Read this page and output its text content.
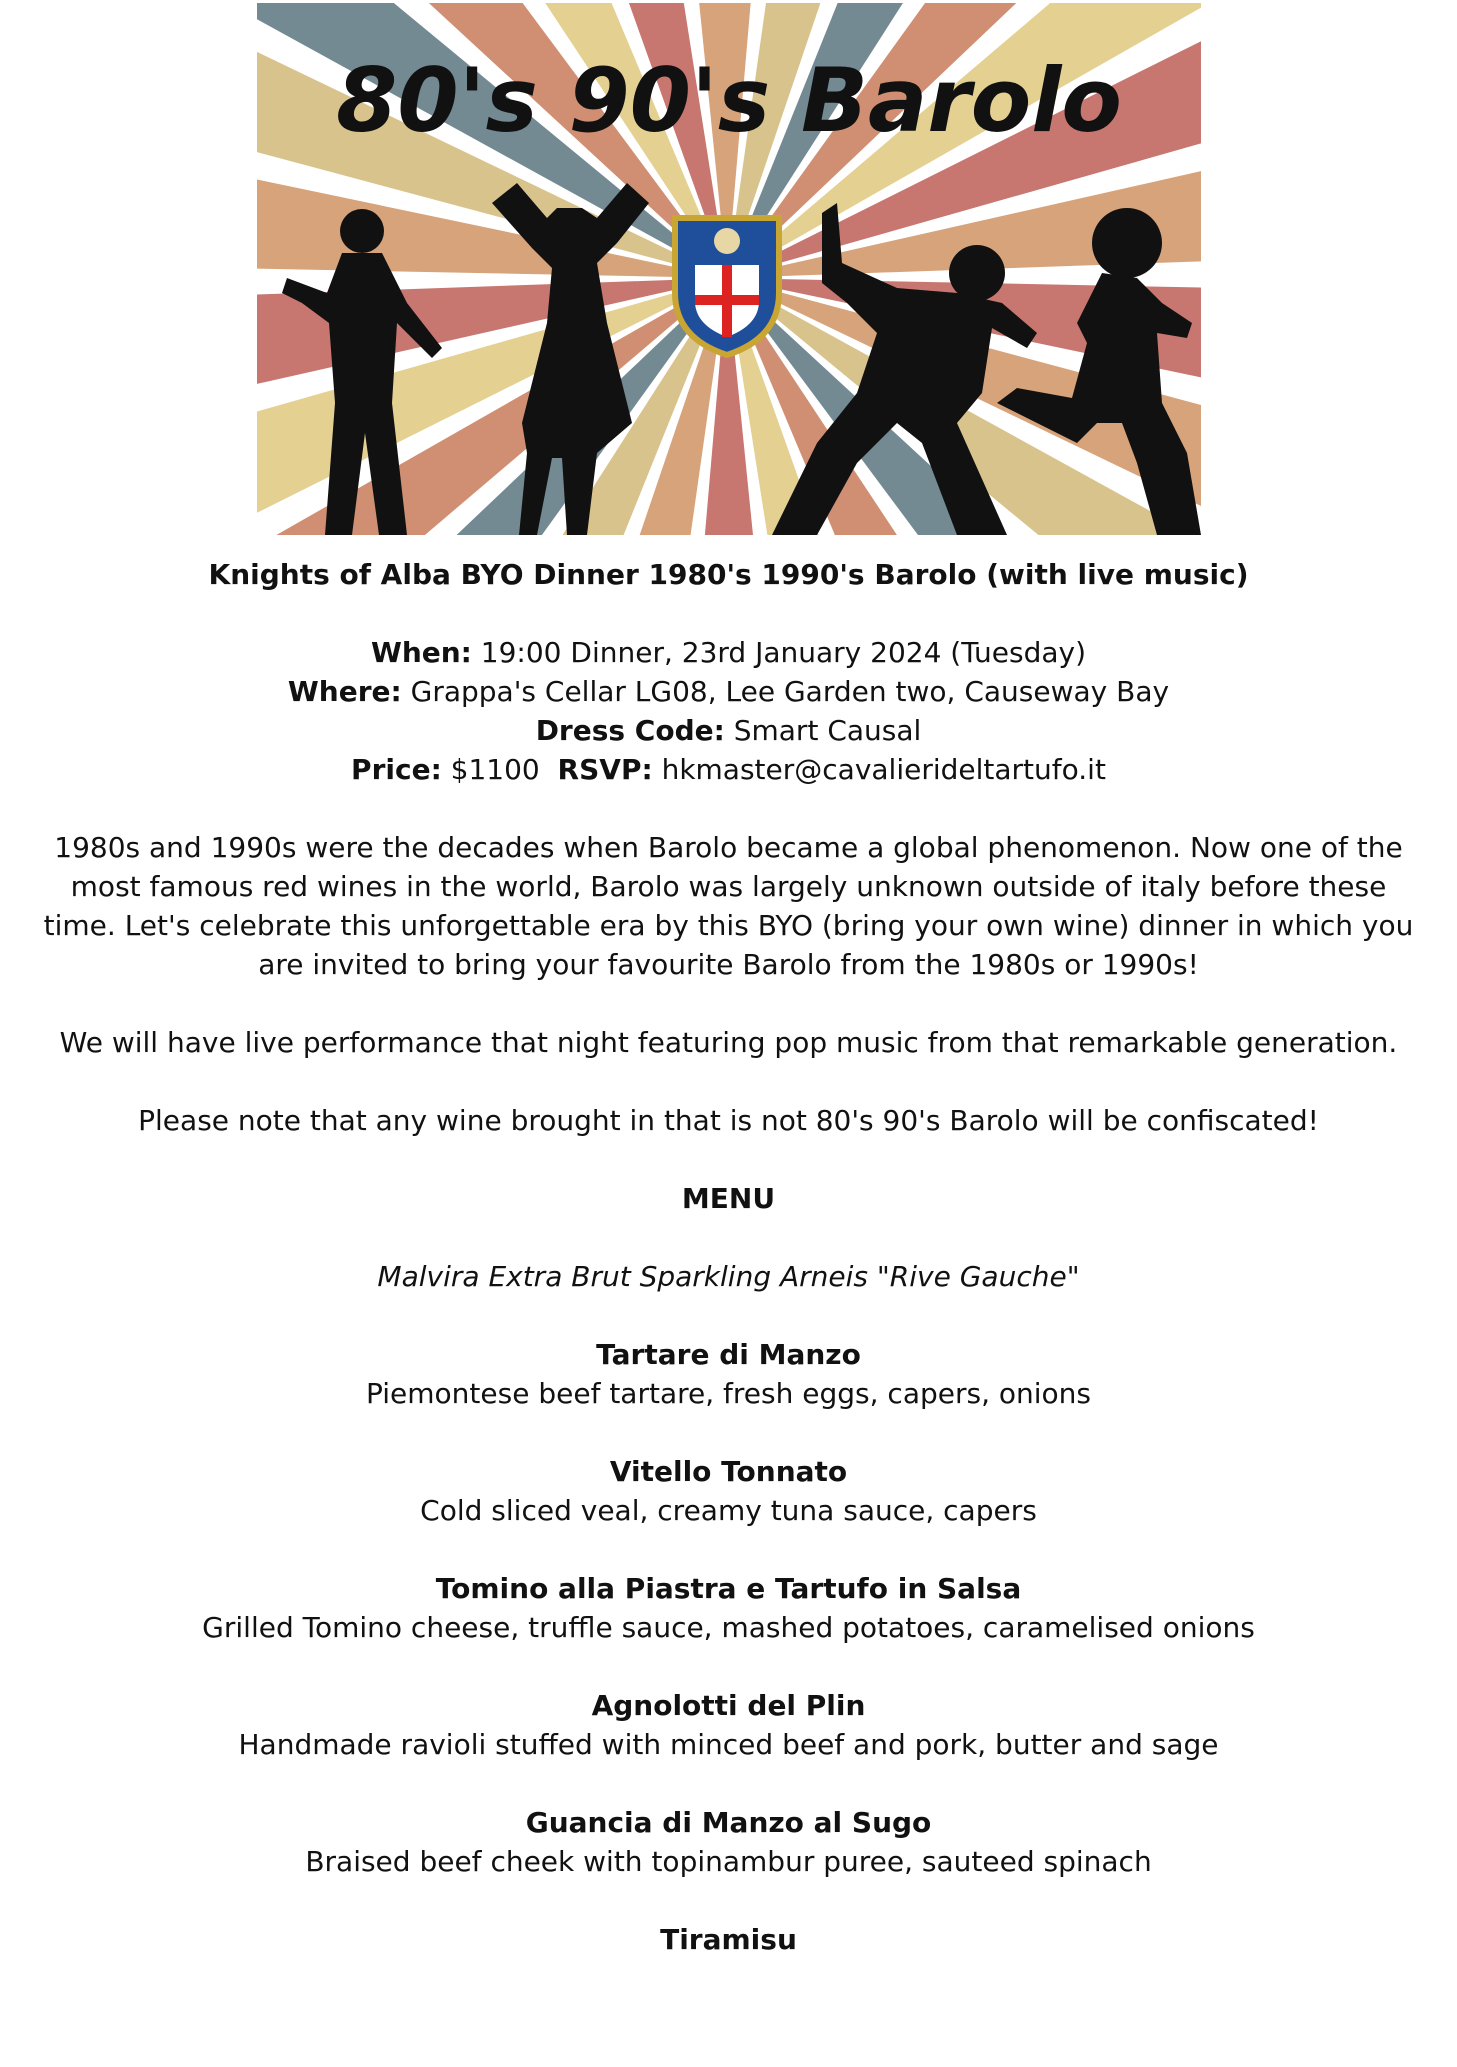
80's 90's Barolo

Knights of Alba BYO Dinner 1980's 1990's Barolo (with live music)

When: 19:00 Dinner, 23rd January 2024 (Tuesday)

Where: Grappa's Cellar LG08, Lee Garden two, Causeway Bay

Dress Code: Smart Causal

Price: $1100  RSVP: hkmaster@cavalierideltartufo.it

1980s and 1990s were the decades when Barolo became a global phenomenon. Now one of the most famous red wines in the world, Barolo was largely unknown outside of italy before these time. Let's celebrate this unforgettable era by this BYO (bring your own wine) dinner in which you are invited to bring your favourite Barolo from the 1980s or 1990s!

We will have live performance that night featuring pop music from that remarkable generation.

Please note that any wine brought in that is not 80's 90's Barolo will be confiscated!

MENU

Malvira Extra Brut Sparkling Arneis "Rive Gauche"

Tartare di Manzo

Piemontese beef tartare, fresh eggs, capers, onions

Vitello Tonnato

Cold sliced veal, creamy tuna sauce, capers

Tomino alla Piastra e Tartufo in Salsa

Grilled Tomino cheese, truffle sauce, mashed potatoes, caramelised onions

Agnolotti del Plin

Handmade ravioli stuffed with minced beef and pork, butter and sage

Guancia di Manzo al Sugo

Braised beef cheek with topinambur puree, sauteed spinach

Tiramisu
